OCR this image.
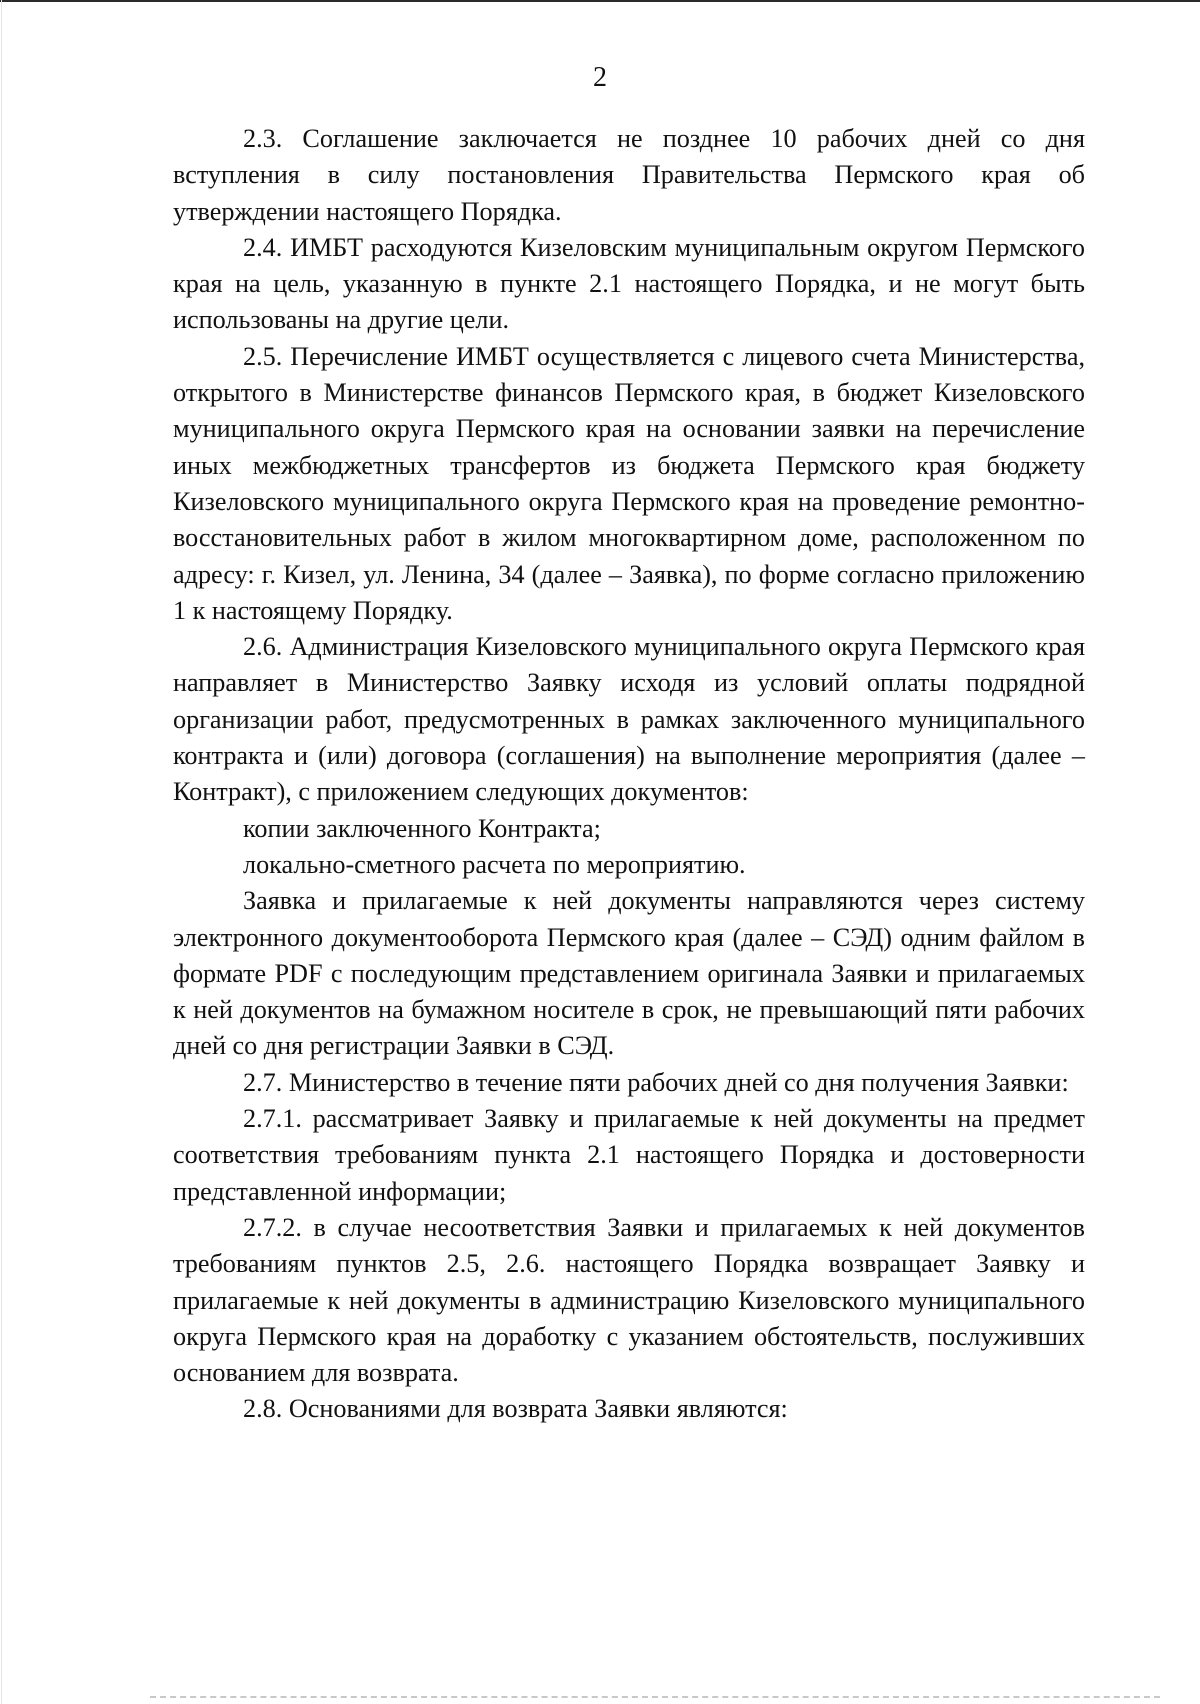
2

2.3. Соглашение заключается не позднее 10 рабочих дней со дня вступления в силу постановления Правительства Пермского края об утверждении настоящего Порядка.

2.4. ИМБТ расходуются Кизеловским муниципальным округом Пермского края на цель, указанную в пункте 2.1 настоящего Порядка, и не могут быть использованы на другие цели.

2.5. Перечисление ИМБТ осуществляется с лицевого счета Министерства, открытого в Министерстве финансов Пермского края, в бюджет Кизеловского муниципального округа Пермского края на основании заявки на перечисление иных межбюджетных трансфертов из бюджета Пермского края бюджету Кизеловского муниципального округа Пермского края на проведение ремонтно-восстановительных работ в жилом многоквартирном доме, расположенном по адресу: г. Кизел, ул. Ленина, 34 (далее – Заявка), по форме согласно приложению 1 к настоящему Порядку.

2.6. Администрация Кизеловского муниципального округа Пермского края направляет в Министерство Заявку исходя из условий оплаты подрядной организации работ, предусмотренных в рамках заключенного муниципального контракта и (или) договора (соглашения) на выполнение мероприятия (далее – Контракт), с приложением следующих документов:

копии заключенного Контракта;

локально-сметного расчета по мероприятию.

Заявка и прилагаемые к ней документы направляются через систему электронного документооборота Пермского края (далее – СЭД) одним файлом в формате PDF с последующим представлением оригинала Заявки и прилагаемых к ней документов на бумажном носителе в срок, не превышающий пяти рабочих дней со дня регистрации Заявки в СЭД.

2.7. Министерство в течение пяти рабочих дней со дня получения Заявки:

2.7.1. рассматривает Заявку и прилагаемые к ней документы на предмет соответствия требованиям пункта 2.1 настоящего Порядка и достоверности представленной информации;

2.7.2. в случае несоответствия Заявки и прилагаемых к ней документов требованиям пунктов 2.5, 2.6. настоящего Порядка возвращает Заявку и прилагаемые к ней документы в администрацию Кизеловского муниципального округа Пермского края на доработку с указанием обстоятельств, послуживших основанием для возврата.

2.8. Основаниями для возврата Заявки являются:
